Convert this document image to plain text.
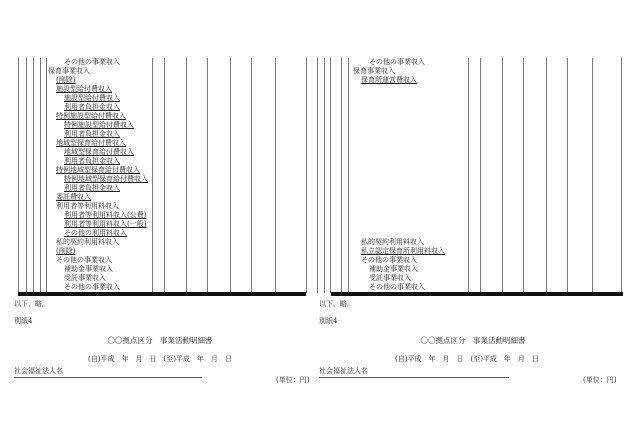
その他の事業収入
保育事業収入
(削除)
施設型給付費収入
施設型給付費収入
利用者負担金収入
特例施設型給付費収入
特例施設型給付費収入
利用者負担金収入
地域型保育給付費収入
地域型保育給付費収入
利用者負担金収入
特例地域型保育給付費収入
特例地域型保育給付費収入
利用者負担金収入
委託費収入
利用者等利用料収入
利用者等利用料収入(公費)
利用者等利用料収入(一般)
その他の利用料収入
私的契約利用料収入
(削除)
その他の事業収入
補助金事業収入
受託事業収入
その他の事業収入
以下、略。
別紙4
〇〇拠点区分　事業活動明細書
(自)平成　年　月　日　(至)平成　年　月　日
社会福祉法人名
(単位：円)
その他の事業収入
保育事業収入
保育所運営費収入
私的契約利用料収入
私立認定保育所利用料収入
その他の事業収入
補助金事業収入
受託事業収入
その他の事業収入
以下、略。
別紙4
〇〇拠点区分　事業活動明細書
(自)平成　年　月　日　(至)平成　年　月　日
社会福祉法人名
(単位：円)
